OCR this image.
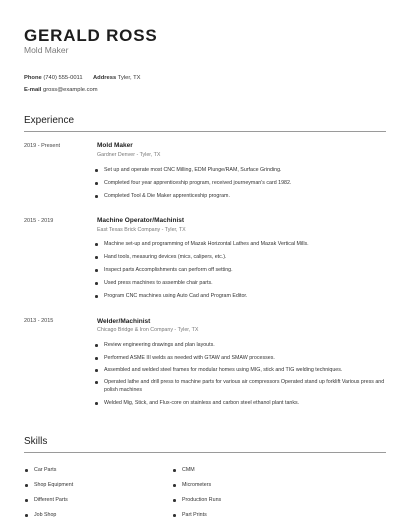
GERALD ROSS
Mold Maker
Phone (740) 555-0011 Address Tyler, TX
E-mail gross@example.com
Experience
2019 - Present	Mold Maker
Gardner Denver - Tyler, TX
Set up and operate most CNC Milling, EDM Plunge/RAM, Surface Grinding.
Completed four year apprenticeship program, received journeyman's card 1982.
Completed Tool & Die Maker apprenticeship program.
2015 - 2019	Machine Operator/Machinist
East Texas Brick Company - Tyler, TX
Machine set-up and programming of Mazak Horizontal Lathes and Mazak Vertical Mills.
Hand tools, measuring devices (mics, calipers, etc.).
Inspect parts Accomplishments can perform off setting.
Used press machines to assemble chair parts.
Program CNC machines using Auto Cad and Program Editor.
2013 - 2015	Welder/Machinist
Chicago Bridge & Iron Company - Tyler, TX
Review engineering drawings and plan layouts.
Performed ASME III welds as needed with GTAW and SMAW processes.
Assembled and welded steel frames for modular homes using MIG, stick and TIG welding techniques.
Operated lathe and drill press to machine parts for various air compressors Operated stand up forklift Various press and polish machines
Welded Mig, Stick, and Flux-core on stainless and carbon steel ethanol plant tanks.
Skills
Car Parts
Shop Equipment
Different Parts
Job Shop
CMM
Micrometers
Production Runs
Part Prints
